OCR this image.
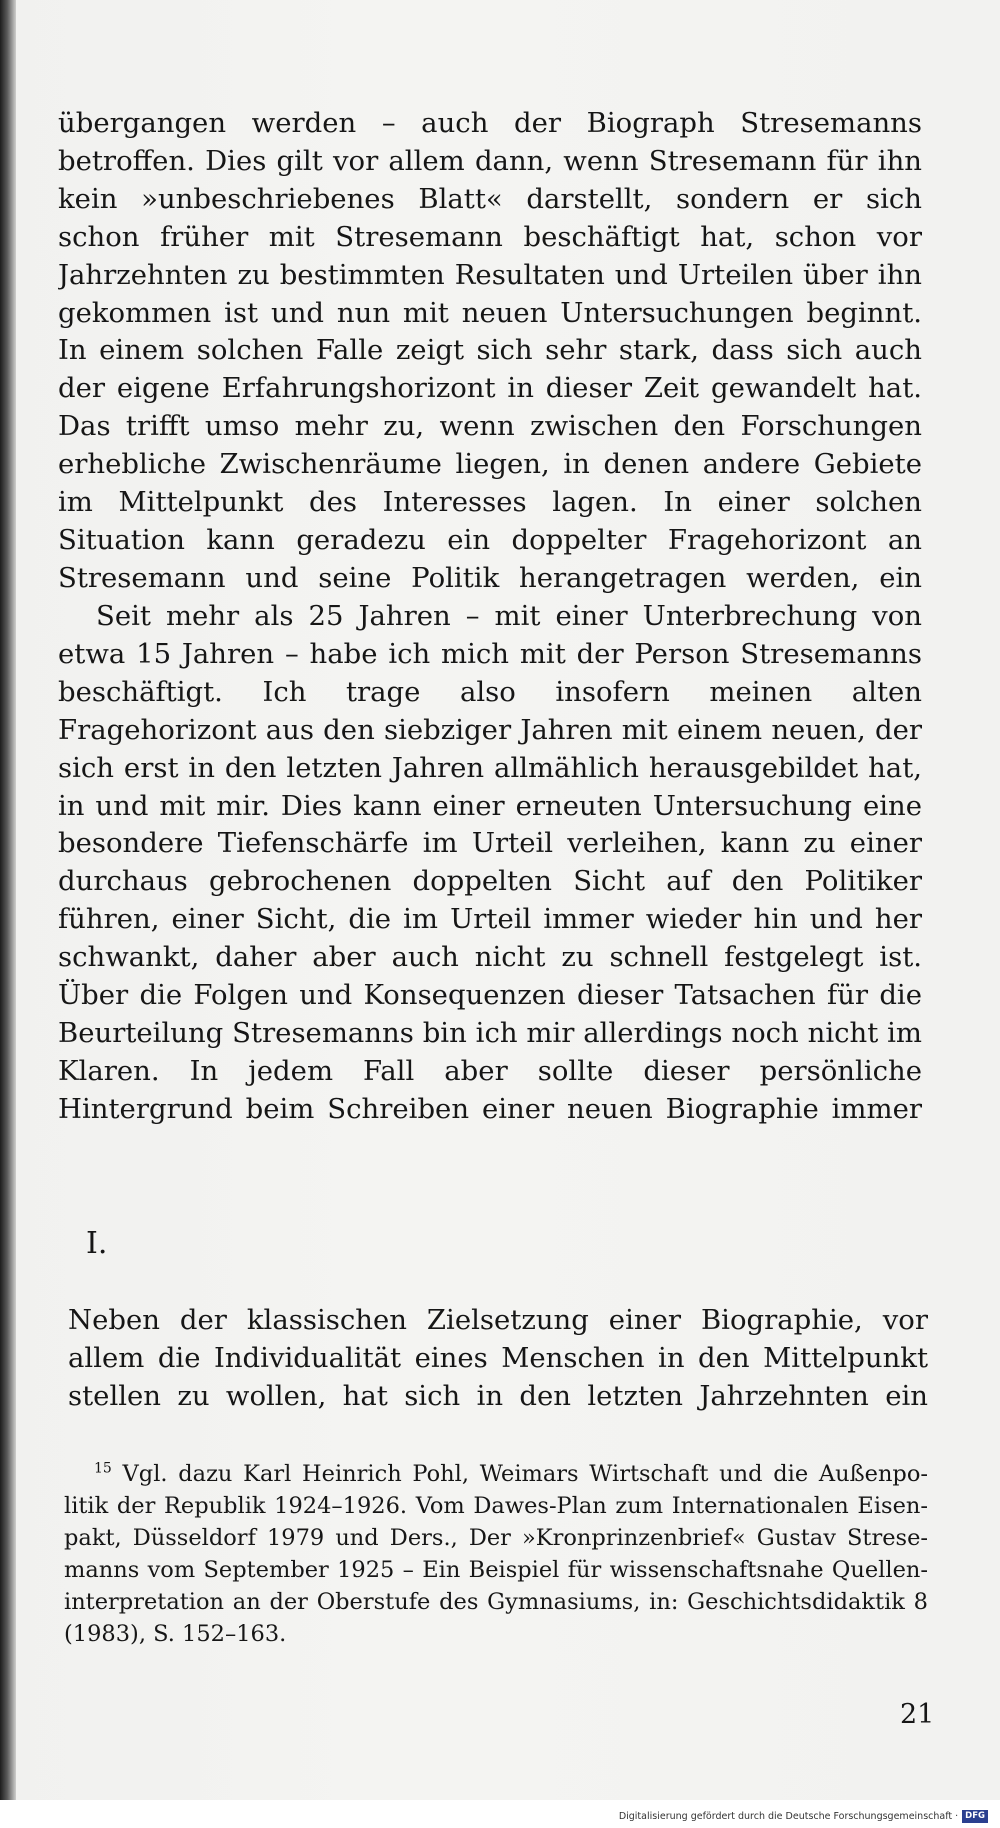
übergangen werden – auch der Biograph Stresemanns betroffen. Dies gilt vor allem dann, wenn Stresemann für ihn kein »unbeschriebenes Blatt« darstellt, sondern er sich schon früher mit Stresemann beschäftigt hat, schon vor Jahrzehnten zu bestimmten Resultaten und Urteilen über ihn gekommen ist und nun mit neuen Untersuchungen beginnt. In einem solchen Falle zeigt sich sehr stark, dass sich auch der eigene Erfahrungshorizont in dieser Zeit gewandelt hat. Das trifft umso mehr zu, wenn zwischen den Forschungen erhebliche Zwischenräume liegen, in denen andere Gebiete im Mittelpunkt des Interesses lagen. In einer solchen Situation kann geradezu ein doppelter Fragehorizont an Stresemann und seine Politik herangetragen werden, ein

Seit mehr als 25 Jahren – mit einer Unterbrechung von etwa 15 Jahren – habe ich mich mit der Person Stresemanns beschäftigt. Ich trage also insofern meinen alten Fragehorizont aus den siebziger Jahren mit einem neuen, der sich erst in den letzten Jahren allmählich herausgebildet hat, in und mit mir. Dies kann einer erneuten Untersuchung eine besondere Tiefenschärfe im Urteil verleihen, kann zu einer durchaus gebrochenen doppelten Sicht auf den Politiker führen, einer Sicht, die im Urteil immer wieder hin und her schwankt, daher aber auch nicht zu schnell festgelegt ist. Über die Folgen und Konsequenzen dieser Tatsachen für die Beurteilung Stresemanns bin ich mir allerdings noch nicht im Klaren. In jedem Fall aber sollte dieser persönliche Hintergrund beim Schreiben einer neuen Biographie immer

I.

Neben der klassischen Zielsetzung einer Biographie, vor allem die Individualität eines Menschen in den Mittelpunkt stellen zu wollen, hat sich in den letzten Jahrzehnten ein

$^{15}$ Vgl. dazu Karl Heinrich Pohl, Weimars Wirtschaft und die Außenpolitik der Republik 1924–1926. Vom Dawes-Plan zum Internationalen Eisenpakt, Düsseldorf 1979 und Ders., Der »Kronprinzenbrief« Gustav Stresemanns vom September 1925 – Ein Beispiel für wissenschaftsnahe Quelleninterpretation an der Oberstufe des Gymnasiums, in: Geschichtsdidaktik 8 (1983), S. 152–163.

21
Digitalisierung gefördert durch die Deutsche Forschungsgemeinschaft · DFG
